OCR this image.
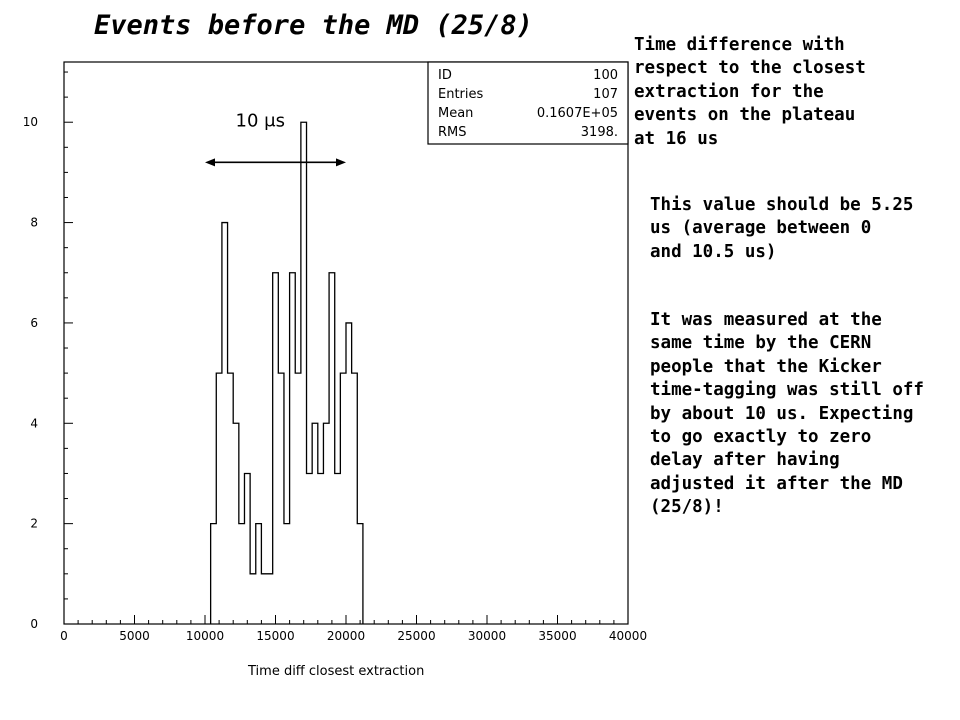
Events before the MD (25/8)
Time difference with
respect to the closest
extraction for the
events on the plateau
at 16 us
This value should be 5.25
us (average between 0
and 10.5 us)
It was measured at the
same time by the CERN
people that the Kicker
time-tagging was still off
by about 10 us. Expecting
to go exactly to zero
delay after having
adjusted it after the MD
(25/8)!
0
2
4
6
8
10
0	5000	10000	15000	20000	25000	30000	35000	40000
ID	100
Entries	107
Mean	0.1607E+05
RMS	3198.
10 μs
Time diff closest extraction
